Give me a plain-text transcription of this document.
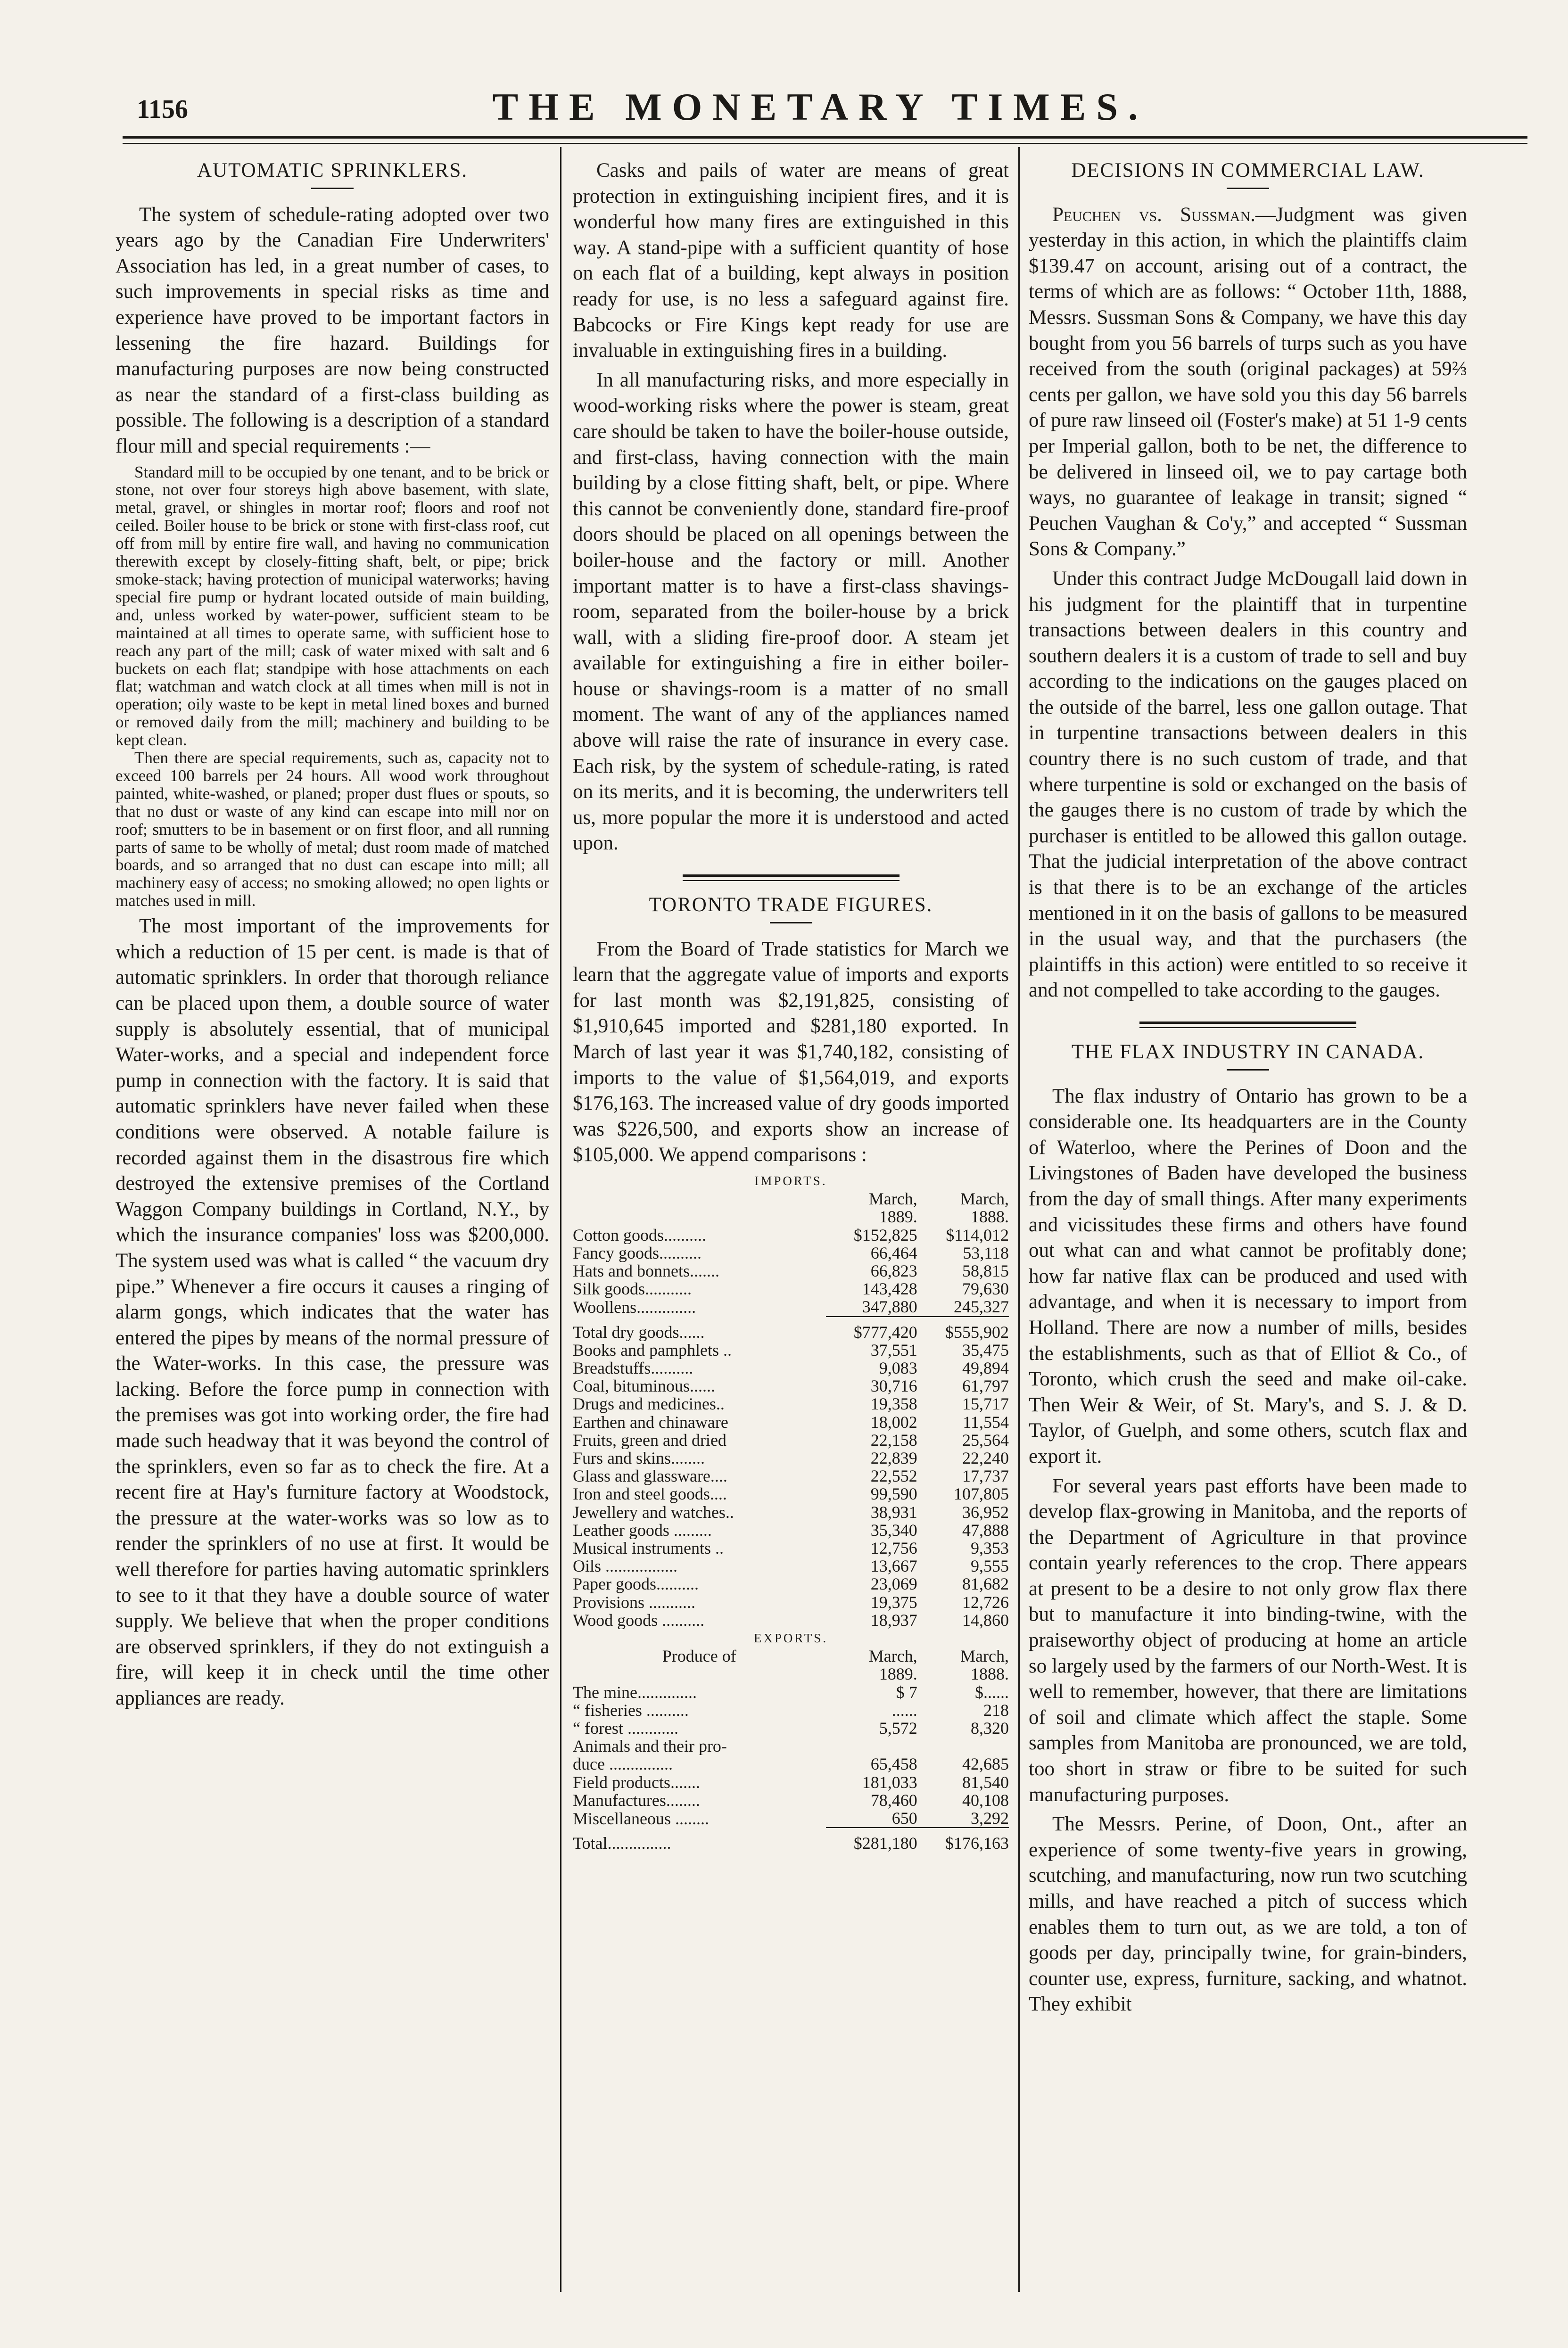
1156	THE MONETARY TIMES.
AUTOMATIC SPRINKLERS.

The system of schedule-rating adopted over two years ago by the Canadian Fire Underwriters' Association has led, in a great number of cases, to such improvements in special risks as time and experience have proved to be important factors in lessening the fire hazard. Buildings for manufacturing purposes are now being constructed as near the standard of a first-class building as possible. The following is a description of a standard flour mill and special requirements :—

Standard mill to be occupied by one tenant, and to be brick or stone, not over four storeys high above basement, with slate, metal, gravel, or shingles in mortar roof; floors and roof not ceiled. Boiler house to be brick or stone with first-class roof, cut off from mill by entire fire wall, and having no communication therewith except by closely-fitting shaft, belt, or pipe; brick smoke-stack; having protection of municipal waterworks; having special fire pump or hydrant located outside of main building, and, unless worked by water-power, sufficient steam to be maintained at all times to operate same, with sufficient hose to reach any part of the mill; cask of water mixed with salt and 6 buckets on each flat; standpipe with hose attachments on each flat; watchman and watch clock at all times when mill is not in operation; oily waste to be kept in metal lined boxes and burned or removed daily from the mill; machinery and building to be kept clean.

Then there are special requirements, such as, capacity not to exceed 100 barrels per 24 hours. All wood work throughout painted, white-washed, or planed; proper dust flues or spouts, so that no dust or waste of any kind can escape into mill nor on roof; smutters to be in basement or on first floor, and all running parts of same to be wholly of metal; dust room made of matched boards, and so arranged that no dust can escape into mill; all machinery easy of access; no smoking allowed; no open lights or matches used in mill.

The most important of the improvements for which a reduction of 15 per cent. is made is that of automatic sprinklers. In order that thorough reliance can be placed upon them, a double source of water supply is absolutely essential, that of municipal Water-works, and a special and independent force pump in connection with the factory. It is said that automatic sprinklers have never failed when these conditions were observed. A notable failure is recorded against them in the disastrous fire which destroyed the extensive premises of the Cortland Waggon Company buildings in Cortland, N.Y., by which the insurance companies' loss was $200,000. The system used was what is called “ the vacuum dry pipe.” Whenever a fire occurs it causes a ringing of alarm gongs, which indicates that the water has entered the pipes by means of the normal pressure of the Water-works. In this case, the pressure was lacking. Before the force pump in connection with the premises was got into working order, the fire had made such headway that it was beyond the control of the sprinklers, even so far as to check the fire. At a recent fire at Hay's furniture factory at Woodstock, the pressure at the water-works was so low as to render the sprinklers of no use at first. It would be well therefore for parties having automatic sprinklers to see to it that they have a double source of water supply. We believe that when the proper conditions are observed sprinklers, if they do not extinguish a fire, will keep it in check until the time other appliances are ready.

Casks and pails of water are means of great protection in extinguishing incipient fires, and it is wonderful how many fires are extinguished in this way. A stand-pipe with a sufficient quantity of hose on each flat of a building, kept always in position ready for use, is no less a safeguard against fire. Babcocks or Fire Kings kept ready for use are invaluable in extinguishing fires in a building.

In all manufacturing risks, and more especially in wood-working risks where the power is steam, great care should be taken to have the boiler-house outside, and first-class, having connection with the main building by a close fitting shaft, belt, or pipe. Where this cannot be conveniently done, standard fire-proof doors should be placed on all openings between the boiler-house and the factory or mill. Another important matter is to have a first-class shavings-room, separated from the boiler-house by a brick wall, with a sliding fire-proof door. A steam jet available for extinguishing a fire in either boiler-house or shavings-room is a matter of no small moment. The want of any of the appliances named above will raise the rate of insurance in every case. Each risk, by the system of schedule-rating, is rated on its merits, and it is becoming, the underwriters tell us, more popular the more it is understood and acted upon.

TORONTO TRADE FIGURES.

From the Board of Trade statistics for March we learn that the aggregate value of imports and exports for last month was $2,191,825, consisting of $1,910,645 imported and $281,180 exported. In March of last year it was $1,740,182, consisting of imports to the value of $1,564,019, and exports $176,163. The increased value of dry goods imported was $226,500, and exports show an increase of $105,000. We append comparisons :

IMPORTS.		
	March,	March,
	1889.	1888.
Cotton goods..........	$152,825	$114,012
Fancy goods..........	66,464	53,118
Hats and bonnets.......	66,823	58,815
Silk goods...........	143,428	79,630
Woollens..............	347,880	245,327

Total dry goods......	$777,420	$555,902
Books and pamphlets ..	37,551	35,475
Breadstuffs..........	9,083	49,894
Coal, bituminous......	30,716	61,797
Drugs and medicines..	19,358	15,717
Earthen and chinaware	18,002	11,554
Fruits, green and dried	22,158	25,564
Furs and skins........	22,839	22,240
Glass and glassware....	22,552	17,737
Iron and steel goods....	99,590	107,805
Jewellery and watches..	38,931	36,952
Leather goods .........	35,340	47,888
Musical instruments ..	12,756	9,353
Oils .................	13,667	9,555
Paper goods..........	23,069	81,682
Provisions ...........	19,375	12,726
Wood goods ..........	18,937	14,860
EXPORTS.		
Produce of	March,	March,
	1889.	1888.
The mine..............	$ 7	$......
“ fisheries ..........	......	218
“ forest ............	5,572	8,320
Animals and their pro-		
duce ...............	65,458	42,685
Field products.......	181,033	81,540
Manufactures........	78,460	40,108
Miscellaneous ........	650	3,292

Total...............	$281,180	$176,163
DECISIONS IN COMMERCIAL LAW.

Peuchen vs. Sussman.—Judgment was given yesterday in this action, in which the plaintiffs claim $139.47 on account, arising out of a contract, the terms of which are as follows: “ October 11th, 1888, Messrs. Sussman Sons & Company, we have this day bought from you 56 barrels of turps such as you have received from the south (original packages) at 59⅔ cents per gallon, we have sold you this day 56 barrels of pure raw linseed oil (Foster's make) at 51 1-9 cents per Imperial gallon, both to be net, the difference to be delivered in linseed oil, we to pay cartage both ways, no guarantee of leakage in transit; signed “ Peuchen Vaughan & Co'y,” and accepted “ Sussman Sons & Company.”

Under this contract Judge McDougall laid down in his judgment for the plaintiff that in turpentine transactions between dealers in this country and southern dealers it is a custom of trade to sell and buy according to the indications on the gauges placed on the outside of the barrel, less one gallon outage. That in turpentine transactions between dealers in this country there is no such custom of trade, and that where turpentine is sold or exchanged on the basis of the gauges there is no custom of trade by which the purchaser is entitled to be allowed this gallon outage. That the judicial interpretation of the above contract is that there is to be an exchange of the articles mentioned in it on the basis of gallons to be measured in the usual way, and that the purchasers (the plaintiffs in this action) were entitled to so receive it and not compelled to take according to the gauges.

THE FLAX INDUSTRY IN CANADA.

The flax industry of Ontario has grown to be a considerable one. Its headquarters are in the County of Waterloo, where the Perines of Doon and the Livingstones of Baden have developed the business from the day of small things. After many experiments and vicissitudes these firms and others have found out what can and what cannot be profitably done; how far native flax can be produced and used with advantage, and when it is necessary to import from Holland. There are now a number of mills, besides the establishments, such as that of Elliot & Co., of Toronto, which crush the seed and make oil-cake. Then Weir & Weir, of St. Mary's, and S. J. & D. Taylor, of Guelph, and some others, scutch flax and export it.

For several years past efforts have been made to develop flax-growing in Manitoba, and the reports of the Department of Agriculture in that province contain yearly references to the crop. There appears at present to be a desire to not only grow flax there but to manufacture it into binding-twine, with the praiseworthy object of producing at home an article so largely used by the farmers of our North-West. It is well to remember, however, that there are limitations of soil and climate which affect the staple. Some samples from Manitoba are pronounced, we are told, too short in straw or fibre to be suited for such manufacturing purposes.

The Messrs. Perine, of Doon, Ont., after an experience of some twenty-five years in growing, scutching, and manufacturing, now run two scutching mills, and have reached a pitch of success which enables them to turn out, as we are told, a ton of goods per day, principally twine, for grain-binders, counter use, express, furniture, sacking, and whatnot. They exhibit
